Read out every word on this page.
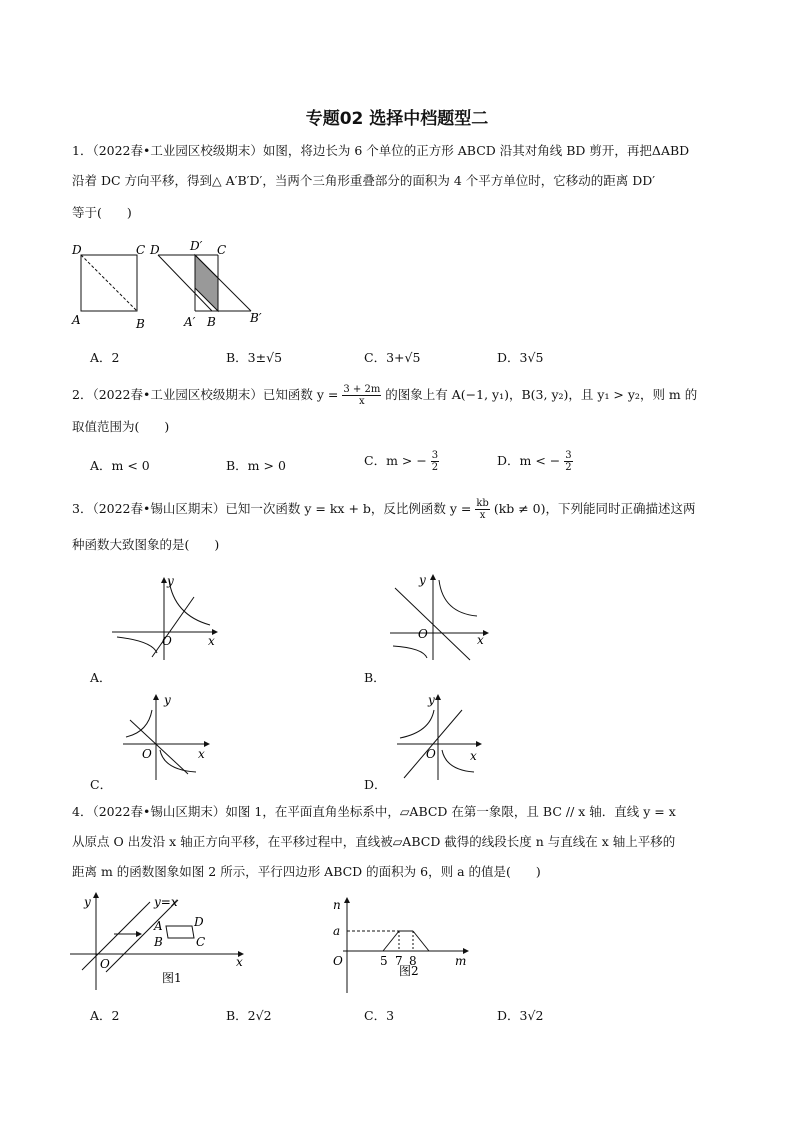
专题02 选择中档题型二
1．（2022春•工业园区校级期末）如图，将边长为 6 个单位的正方形 ABCD 沿其对角线 BD 剪开，再把ΔABD
沿着 DC 方向平移，得到△ A′B′D′，当两个三角形重叠部分的面积为 4 个平方单位时，它移动的距离 DD′
等于(　　)
D	C
A	B
D	D′ C
A′ B	B′
A．2	B．3±√5	C．3+√5	D．3√5
2．（2022春•工业园区校级期末）已知函数 $y = \frac{3 + 2m}{x}$ 的图象上有 A(−1, y₁)，B(3, y₂)，且 y₁ > y₂，则 m 的
取值范围为(　　)
A．m < 0	B．m > 0	C．m > − $\frac{3}{2}$	D．m < − $\frac{3}{2}$
3．（2022春•锡山区期末）已知一次函数 y = kx + b，反比例函数 $y = \frac{kb}{x} (kb \ne 0)$，下列能同时正确描述这两
种函数大致图象的是(　　)
y
x
O
A．
y
x
O
B．
y
x
O
C．
y
x
O
D．
4．（2022春•锡山区期末）如图 1，在平面直角坐标系中，▱ABCD 在第一象限，且 BC // x 轴．直线 y = x
从原点 O 出发沿 x 轴正方向平移，在平移过程中，直线被▱ABCD 截得的线段长度 n 与直线在 x 轴上平移的
距离 m 的函数图象如图 2 所示，平行四边形 ABCD 的面积为 6，则 a 的值是(　　)
y
x
O
y=x
A
B	C
D
图1
n
m
O
a
5 7 8
图2
A．2	B．2√2	C．3	D．3√2
